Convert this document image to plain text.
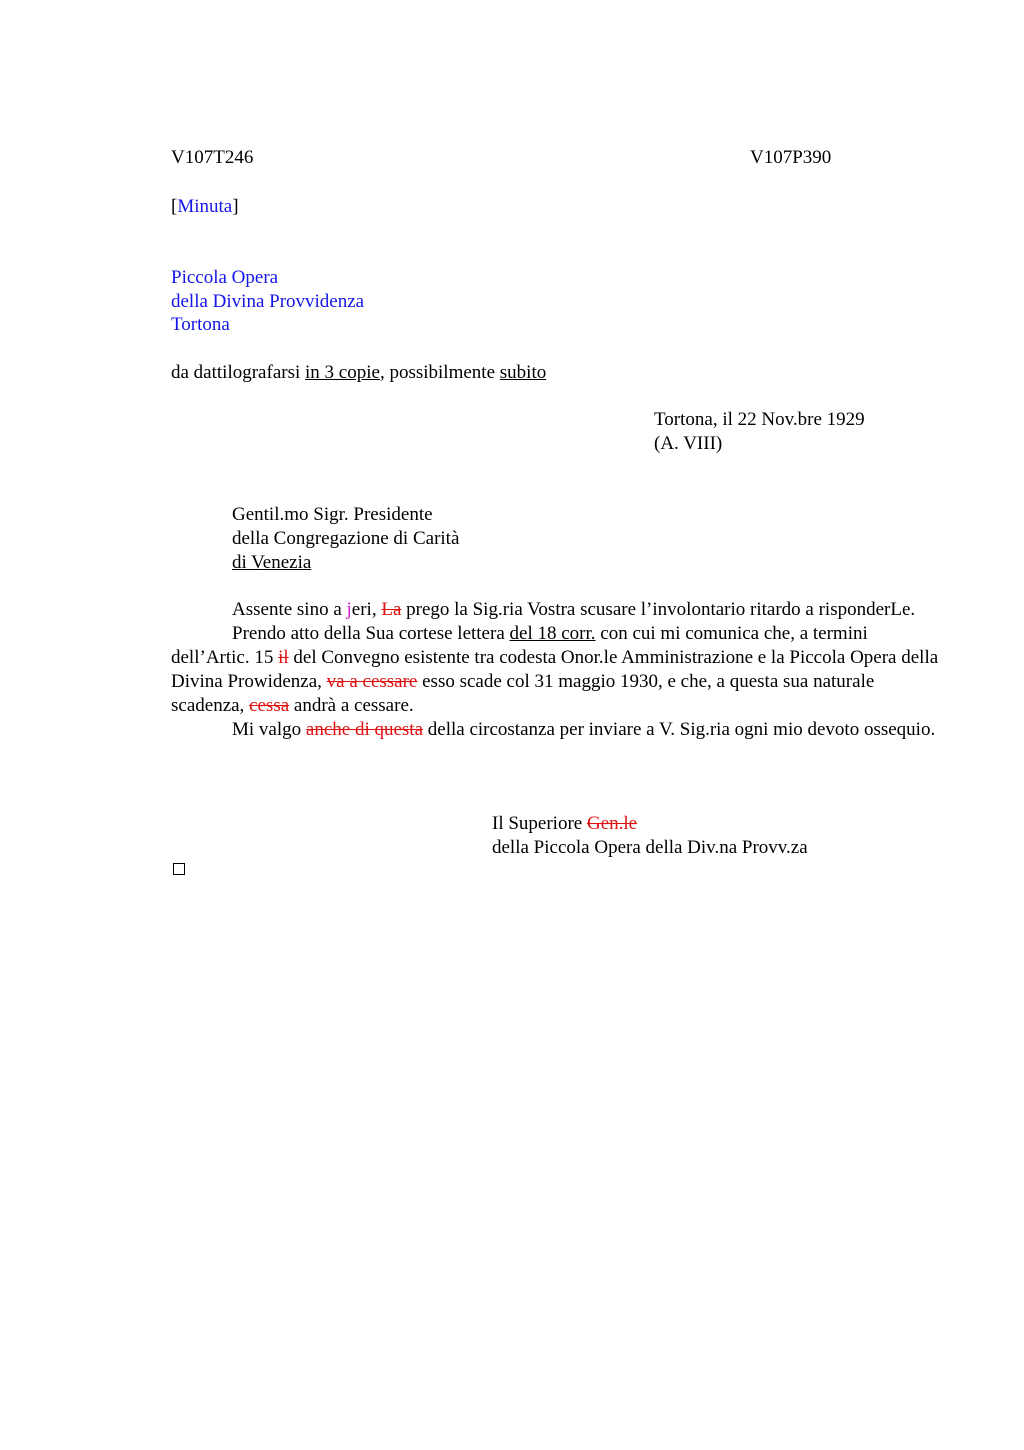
V107T246	V107P390
[Minuta]
Piccola Opera
della Divina Provvidenza
Tortona
da dattilografarsi in 3 copie, possibilmente subito
Tortona, il 22 Nov.bre 1929
(A. VIII)
Gentil.mo Sigr. Presidente
della Congregazione di Carità
di Venezia

Assente sino a jeri, La prego la Sig.ria Vostra scusare l’involontario ritardo a risponderLe.

Prendo atto della Sua cortese lettera del 18 corr. con cui mi comunica che, a termini dell’Artic. 15 il del Convegno esistente tra codesta Onor.le Amministrazione e la Piccola Opera della Divina Prowidenza, va a cessare esso scade col 31 maggio 1930, e che, a questa sua naturale scadenza, cessa andrà a cessare.

Mi valgo anche di questa della circostanza per inviare a V. Sig.ria ogni mio devoto ossequio.

Il Superiore Gen.le
della Piccola Opera della Div.na Provv.za
